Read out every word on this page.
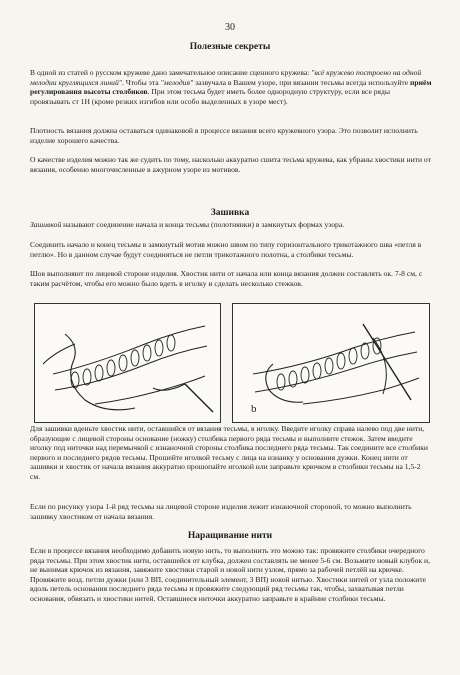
30
Полезные секреты

В одной из статей о русском кружеве дано замечательное описание сценного кружева: "всё кружево построено на одной мелодии круглящихся линий". Чтобы эта "мелодия" зазвучала в Вашем узоре, при вязании тесьмы всегда используйте приём регулирования высоты столбиков. При этом тесьма будет иметь более однородную структуру, если все ряды провязывать ст 1Н (кроме резких изгибов или особо выделенных в узоре мест).

Плотность вязания должна оставаться одинаковой в процессе вязания всего кружевного узора. Это позволит исполнить изделие хорошего качества.

О качестве изделия можно так же судить по тому, насколько аккуратно сшита тесьма кружева, как убраны хвостики нити от вязания, особенно многочисленные в ажурном узоре из мотивов.

Зашивка

Зашивкой называют соединение начала и конца тесьмы (полотнянки) в замкнутых формах узора.

Соединить начало и конец тесьмы в замкнутый мотив можно швом по типу горизонтального трикотажного шва «петля в петлю». Но в данном случае будут соединяться не петли трикотажного полотна, а столбики тесьмы.

Шов выполняют по лицевой стороне изделия. Хвостик нити от начала или конца вязания должен составлять ок. 7-8 см, с таким расчётом, чтобы его можно было вдеть в иголку и сделать несколько стежков.

b

Для зашивки вденьте хвостик нити, оставшийся от вязания тесьмы, в иголку. Введите иголку справа налево под две нити, образующие с лицевой стороны основание (ножку) столбика первого ряда тесьмы и выполните стежок. Затем введите иголку под ниточки над перемычкой с изнаночной стороны столбика последнего ряда тесьмы. Так соедините все столбики первого и последнего рядов тесьмы. Прошейте иголкой тесьму с лица на изнанку у основания дужки. Конец нити от зашивки и хвостик от начала вязания аккуратно прошопайте иголкой или заправьте крючком в столбики тесьмы на 1,5-2 см.

Если по рисунку узора 1-й ряд тесьмы на лицевой стороне изделия лежит изнаночной стороной, то можно выполнить зашивку хвостиком от начала вязания.

Наращивание нити

Если в процессе вязания необходимо добавить новую нить, то выполнить это можно так: провяжите столбики очередного ряда тесьмы. При этом хвостик нити, оставшейся от клубка, должен составлять не менее 5-6 см. Возьмите новый клубок и, не вынимая крючок из вязания, завяжите хвостики старой и новой нити узлом, прямо за рабочей петлёй на крючке. Провяжите возд. петли дужки (или 3 ВП, соединительный элемент, 3 ВП) новой нитью. Хвостики нитей от узла положите вдоль петель основания последнего ряда тесьмы и провяжите следующий ряд тесьмы так, чтобы, захватывая петли основания, обвязать и хвостики нитей. Оставшиеся ниточки аккуратно заправьте в крайние столбики тесьмы.
